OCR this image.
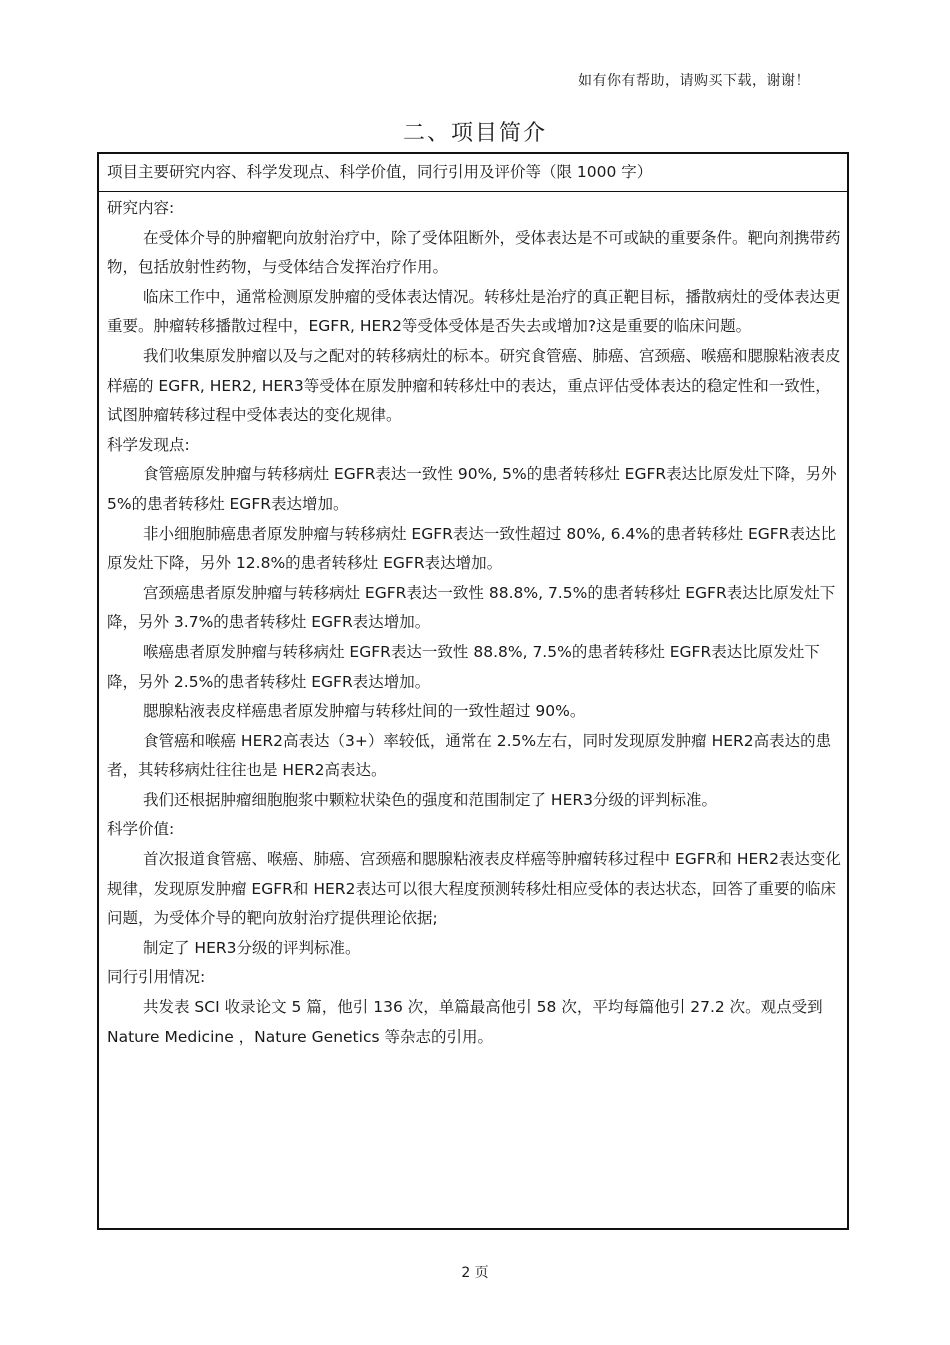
如有你有帮助，请购买下载，谢谢！
二、项目简介
项目主要研究内容、科学发现点、科学价值，同行引用及评价等（限 1000 字）

研究内容:

在受体介导的肿瘤靶向放射治疗中，除了受体阻断外，受体表达是不可或缺的重要条件。靶向剂携带药物，包括放射性药物，与受体结合发挥治疗作用。

临床工作中，通常检测原发肿瘤的受体表达情况。转移灶是治疗的真正靶目标，播散病灶的受体表达更重要。肿瘤转移播散过程中，EGFR, HER2等受体受体是否失去或增加?这是重要的临床问题。

我们收集原发肿瘤以及与之配对的转移病灶的标本。研究食管癌、肺癌、宫颈癌、喉癌和腮腺粘液表皮样癌的 EGFR, HER2, HER3等受体在原发肿瘤和转移灶中的表达，重点评估受体表达的稳定性和一致性，试图肿瘤转移过程中受体表达的变化规律。

科学发现点:

食管癌原发肿瘤与转移病灶 EGFR表达一致性 90%, 5%的患者转移灶 EGFR表达比原发灶下降，另外 5%的患者转移灶 EGFR表达增加。

非小细胞肺癌患者原发肿瘤与转移病灶 EGFR表达一致性超过 80%, 6.4%的患者转移灶 EGFR表达比原发灶下降，另外 12.8%的患者转移灶 EGFR表达增加。

宫颈癌患者原发肿瘤与转移病灶 EGFR表达一致性 88.8%, 7.5%的患者转移灶 EGFR表达比原发灶下降，另外 3.7%的患者转移灶 EGFR表达增加。

喉癌患者原发肿瘤与转移病灶 EGFR表达一致性 88.8%, 7.5%的患者转移灶 EGFR表达比原发灶下降，另外 2.5%的患者转移灶 EGFR表达增加。

腮腺粘液表皮样癌患者原发肿瘤与转移灶间的一致性超过 90%。

食管癌和喉癌 HER2高表达（3+）率较低，通常在 2.5%左右，同时发现原发肿瘤 HER2高表达的患者，其转移病灶往往也是 HER2高表达。

我们还根据肿瘤细胞胞浆中颗粒状染色的强度和范围制定了 HER3分级的评判标准。

科学价值:

首次报道食管癌、喉癌、肺癌、宫颈癌和腮腺粘液表皮样癌等肿瘤转移过程中 EGFR和 HER2表达变化规律，发现原发肿瘤 EGFR和 HER2表达可以很大程度预测转移灶相应受体的表达状态，回答了重要的临床问题，为受体介导的靶向放射治疗提供理论依据;

制定了 HER3分级的评判标准。

同行引用情况:

共发表 SCI 收录论文 5 篇，他引 136 次，单篇最高他引 58 次，平均每篇他引 27.2 次。观点受到 Nature Medicine ，Nature Genetics 等杂志的引用。

2 页
